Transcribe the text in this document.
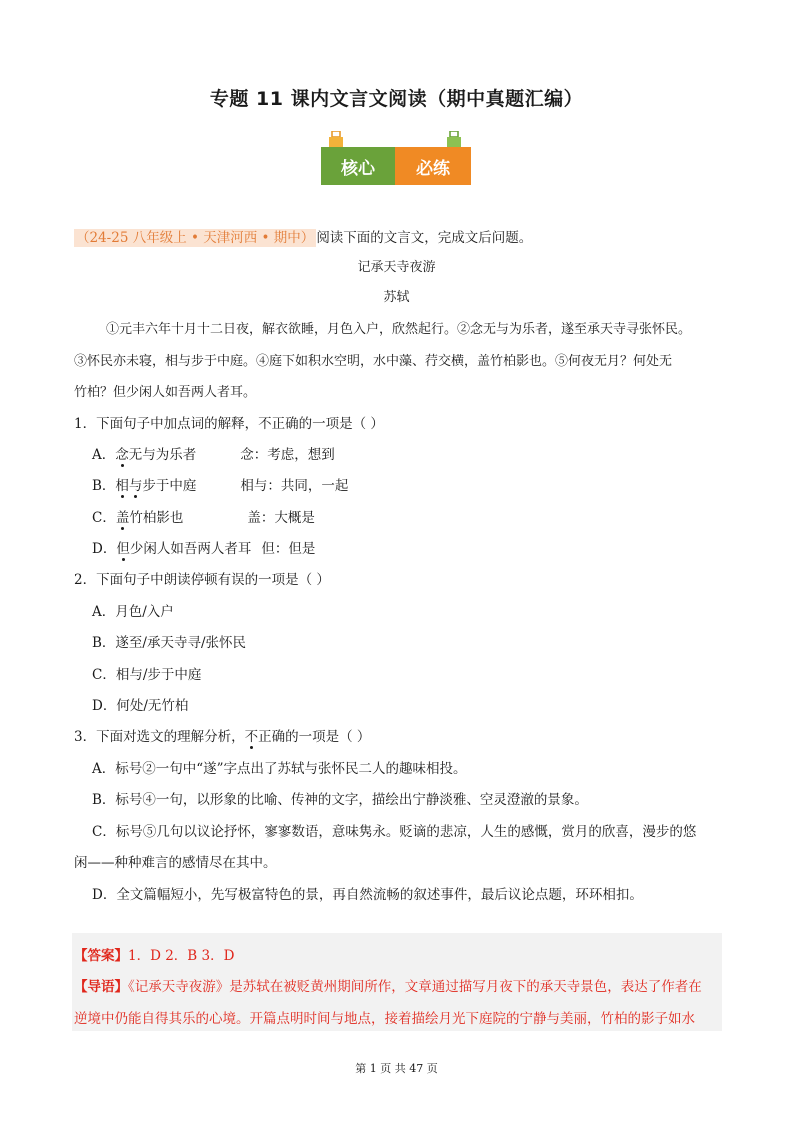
专题 11 课内文言文阅读（期中真题汇编）
核心	必练
（24-25 八年级上 • 天津河西 • 期中） 阅读下面的文言文，完成文后问题。
记承天寺夜游
苏轼
①元丰六年十月十二日夜，解衣欲睡，月色入户，欣然起行。②念无与为乐者，遂至承天寺寻张怀民。
③怀民亦未寝，相与步于中庭。④庭下如积水空明，水中藻、荇交横，盖竹柏影也。⑤何夜无月？何处无
竹柏？但少闲人如吾两人者耳。
1．下面句子中加点词的解释，不正确的一项是（ ）
A．念无与为乐者	念：考虑，想到
B．相与步于中庭	相与：共同，一起
C．盖竹柏影也	盖：大概是
D．但少闲人如吾两人者耳 但：但是
2．下面句子中朗读停顿有误的一项是（ ）
A．月色/入户
B．遂至/承天寺寻/张怀民
C．相与/步于中庭
D．何处/无竹柏
3．下面对选文的理解分析，不正确的一项是（ ）
A．标号②一句中“遂”字点出了苏轼与张怀民二人的趣味相投。
B．标号④一句，以形象的比喻、传神的文字，描绘出宁静淡雅、空灵澄澈的景象。
C．标号⑤几句以议论抒怀，寥寥数语，意味隽永。贬谪的悲凉，人生的感慨，赏月的欣喜，漫步的悠
闲——种种难言的感情尽在其中。
D．全文篇幅短小，先写极富特色的景，再自然流畅的叙述事件，最后议论点题，环环相扣。
【答案】1．D 2．B 3．D
【导语】《记承天寺夜游》是苏轼在被贬黄州期间所作，文章通过描写月夜下的承天寺景色，表达了作者在
逆境中仍能自得其乐的心境。开篇点明时间与地点，接着描绘月光下庭院的宁静与美丽，竹柏的影子如水
第 1 页 共 47 页
